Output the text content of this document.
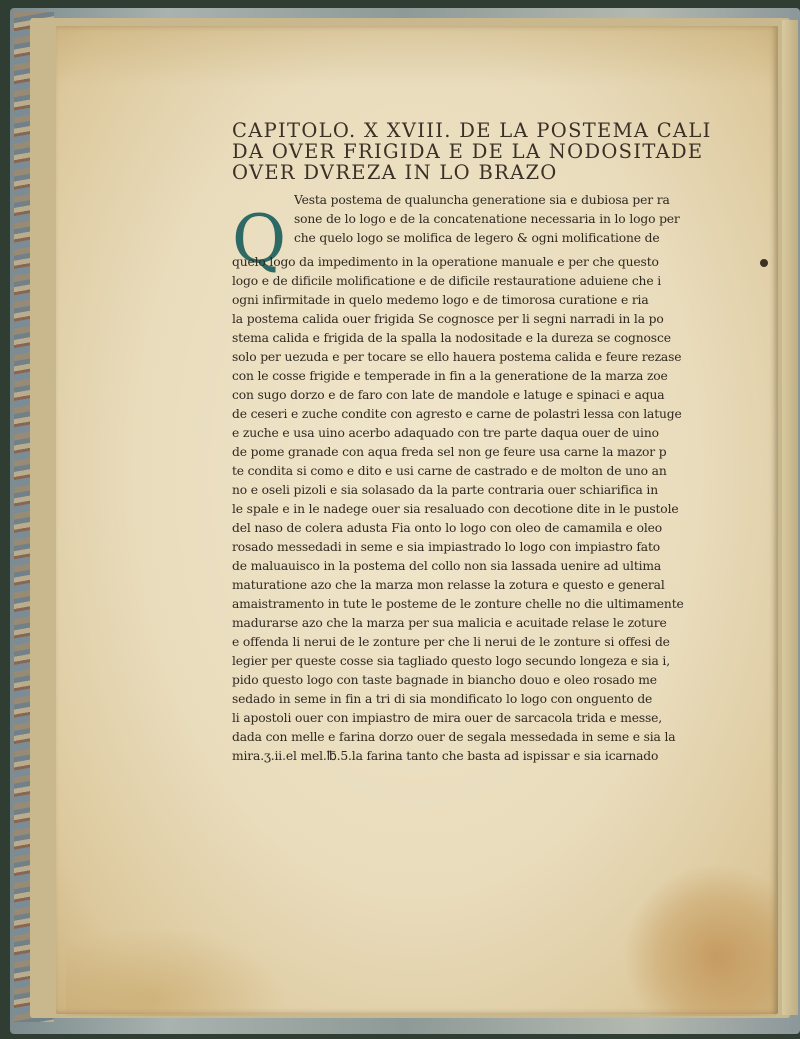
CAPITOLO. X XVIII. DE LA POSTEMA CALI
DA OVER FRIGIDA E DE LA NODOSITADE
OVER DVREZA IN LO BRAZO
Q
Vesta postema de qualuncha generatione sia e dubiosa per ra
sone de lo logo e de la concatenatione necessaria in lo logo per
che quelo logo se molifica de legero & ogni molificatione de
quelo logo da impedimento in la operatione manuale e per che questo
logo e de dificile molificatione e de dificile restauratione aduiene che i
ogni infirmitade in quelo medemo logo e de timorosa curatione e ria
la postema calida ouer frigida Se cognosce per li segni narradi in la po
stema calida e frigida de la spalla la nodositade e la dureza se cognosce
solo per uezuda e per tocare se ello hauera postema calida e feure rezase
con le cosse frigide e temperade in fin a la generatione de la marza zoe
con sugo dorzo e de faro con late de mandole e latuge e spinaci e aqua
de ceseri e zuche condite con agresto e carne de polastri lessa con latuge
e zuche e usa uino acerbo adaquado con tre parte daqua ouer de uino
de pome granade con aqua freda sel non ge feure usa carne la mazor p
te condita si como e dito e usi carne de castrado e de molton de uno an
no e oseli pizoli e sia solasado da la parte contraria ouer schiarifica in
le spale e in le nadege ouer sia resaluado con decotione dite in le pustole
del naso de colera adusta Fia onto lo logo con oleo de camamila e oleo
rosado messedadi in seme e sia impiastrado lo logo con impiastro fato
de maluauisco in la postema del collo non sia lassada uenire ad ultima
maturatione azo che la marza mon relasse la zotura e questo e general
amaistramento in tute le posteme de le zonture chelle no die ultimamente
madurarse azo che la marza per sua malicia e acuitade relase le zoture
e offenda li nerui de le zonture per che li nerui de le zonture si offesi de
legier per queste cosse sia tagliado questo logo secundo longeza e sia i,
pido questo logo con taste bagnade in biancho douo e oleo rosado me
sedado in seme in fin a tri di sia mondificato lo logo con onguento de
li apostoli ouer con impiastro de mira ouer de sarcacola trida e messe,
dada con melle e farina dorzo ouer de segala messedada in seme e sia la
mira.ʒ.ii.el mel.℔.5.la farina tanto che basta ad ispissar e sia icarnado
